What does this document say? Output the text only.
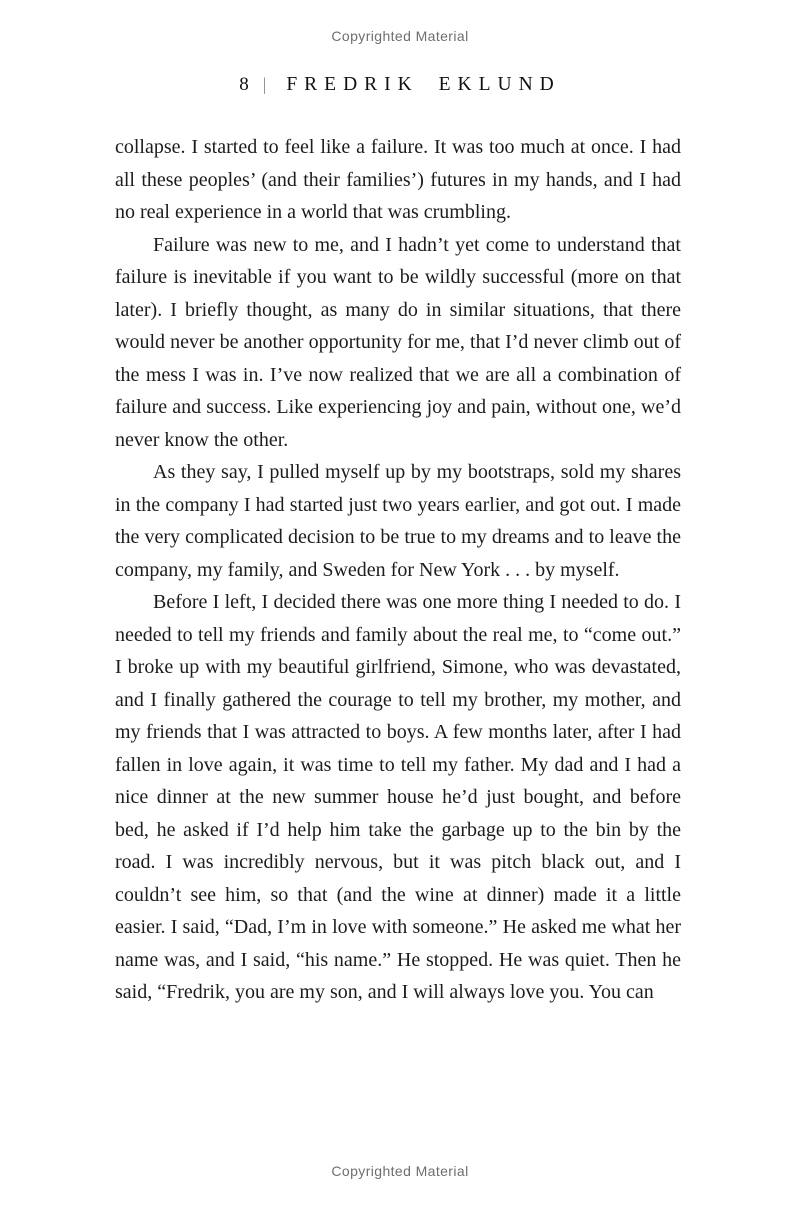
Copyrighted Material
8 | FREDRIK EKLUND

collapse. I started to feel like a failure. It was too much at once. I had all these peoples’ (and their families’) futures in my hands, and I had no real experience in a world that was crumbling.

Failure was new to me, and I hadn’t yet come to understand that failure is inevitable if you want to be wildly successful (more on that later). I briefly thought, as many do in similar situations, that there would never be another opportunity for me, that I’d never climb out of the mess I was in. I’ve now realized that we are all a combination of failure and success. Like experiencing joy and pain, without one, we’d never know the other.

As they say, I pulled myself up by my bootstraps, sold my shares in the company I had started just two years earlier, and got out. I made the very complicated decision to be true to my dreams and to leave the company, my family, and Sweden for New York . . . by myself.

Before I left, I decided there was one more thing I needed to do. I needed to tell my friends and family about the real me, to “come out.” I broke up with my beautiful girlfriend, Simone, who was devastated, and I finally gathered the courage to tell my brother, my mother, and my friends that I was attracted to boys. A few months later, after I had fallen in love again, it was time to tell my father. My dad and I had a nice dinner at the new summer house he’d just bought, and before bed, he asked if I’d help him take the garbage up to the bin by the road. I was incredibly nervous, but it was pitch black out, and I couldn’t see him, so that (and the wine at dinner) made it a little easier. I said, “Dad, I’m in love with someone.” He asked me what her name was, and I said, “his name.” He stopped. He was quiet. Then he said, “Fredrik, you are my son, and I will always love you. You can

Copyrighted Material
